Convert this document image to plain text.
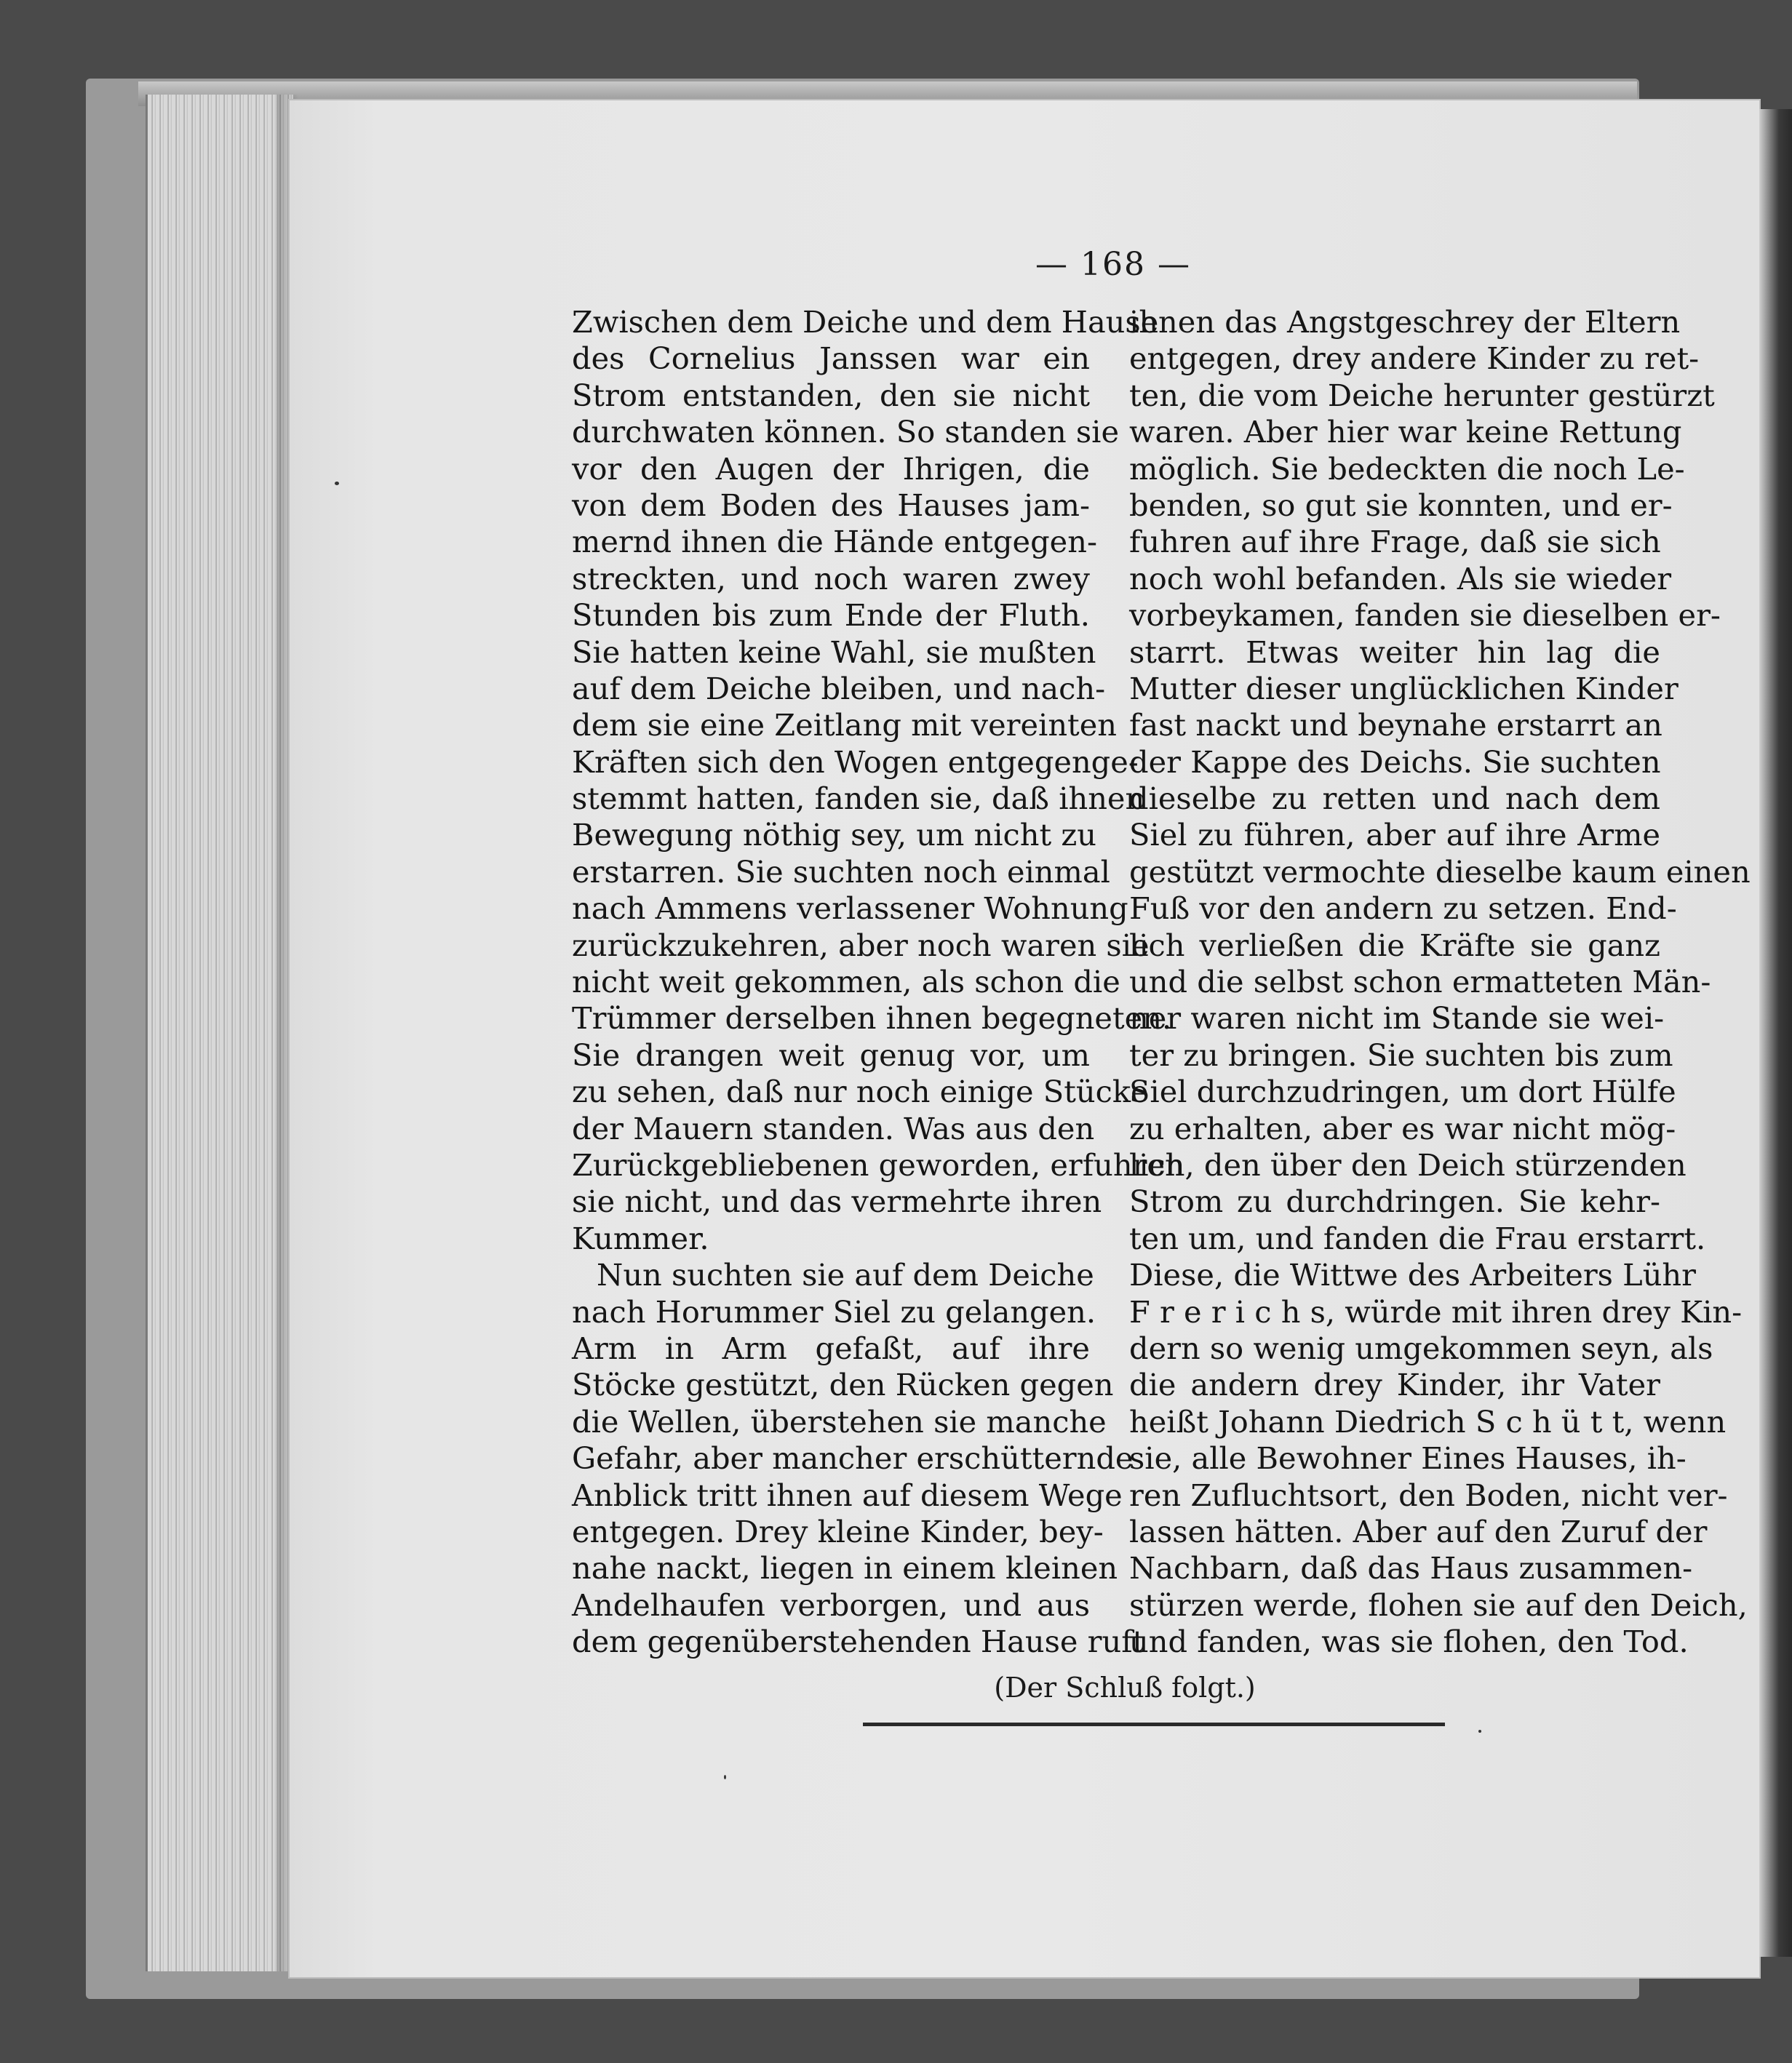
— 168 —
Zwischen dem Deiche und dem Hause
des Cornelius Janssen war ein
Strom entstanden, den sie nicht
durchwaten können. So standen sie
vor den Augen der Ihrigen, die
von dem Boden des Hauses jam-
mernd ihnen die Hände entgegen-
streckten, und noch waren zwey
Stunden bis zum Ende der Fluth.
Sie hatten keine Wahl, sie mußten
auf dem Deiche bleiben, und nach-
dem sie eine Zeitlang mit vereinten
Kräften sich den Wogen entgegenge-
stemmt hatten, fanden sie, daß ihnen
Bewegung nöthig sey, um nicht zu
erstarren. Sie suchten noch einmal
nach Ammens verlassener Wohnung
zurückzukehren, aber noch waren sie
nicht weit gekommen, als schon die
Trümmer derselben ihnen begegneten.
Sie drangen weit genug vor, um
zu sehen, daß nur noch einige Stücke
der Mauern standen. Was aus den
Zurückgebliebenen geworden, erfuhren
sie nicht, und das vermehrte ihren
Kummer.
Nun suchten sie auf dem Deiche
nach Horummer Siel zu gelangen.
Arm in Arm gefaßt, auf ihre
Stöcke gestützt, den Rücken gegen
die Wellen, überstehen sie manche
Gefahr, aber mancher erschütternde
Anblick tritt ihnen auf diesem Wege
entgegen. Drey kleine Kinder, bey-
nahe nackt, liegen in einem kleinen
Andelhaufen verborgen, und aus
dem gegenüberstehenden Hause ruft
ihnen das Angstgeschrey der Eltern
entgegen, drey andere Kinder zu ret-
ten, die vom Deiche herunter gestürzt
waren. Aber hier war keine Rettung
möglich. Sie bedeckten die noch Le-
benden, so gut sie konnten, und er-
fuhren auf ihre Frage, daß sie sich
noch wohl befanden. Als sie wieder
vorbeykamen, fanden sie dieselben er-
starrt. Etwas weiter hin lag die
Mutter dieser unglücklichen Kinder
fast nackt und beynahe erstarrt an
der Kappe des Deichs. Sie suchten
dieselbe zu retten und nach dem
Siel zu führen, aber auf ihre Arme
gestützt vermochte dieselbe kaum einen
Fuß vor den andern zu setzen. End-
lich verließen die Kräfte sie ganz
und die selbst schon ermatteten Män-
ner waren nicht im Stande sie wei-
ter zu bringen. Sie suchten bis zum
Siel durchzudringen, um dort Hülfe
zu erhalten, aber es war nicht mög-
lich, den über den Deich stürzenden
Strom zu durchdringen. Sie kehr-
ten um, und fanden die Frau erstarrt.
Diese, die Wittwe des Arbeiters Lühr
F r e r i c h s, würde mit ihren drey Kin-
dern so wenig umgekommen seyn, als
die andern drey Kinder, ihr Vater
heißt Johann Diedrich S c h ü t t, wenn
sie, alle Bewohner Eines Hauses, ih-
ren Zufluchtsort, den Boden, nicht ver-
lassen hätten. Aber auf den Zuruf der
Nachbarn, daß das Haus zusammen-
stürzen werde, flohen sie auf den Deich,
und fanden, was sie flohen, den Tod.
(Der Schluß folgt.)
